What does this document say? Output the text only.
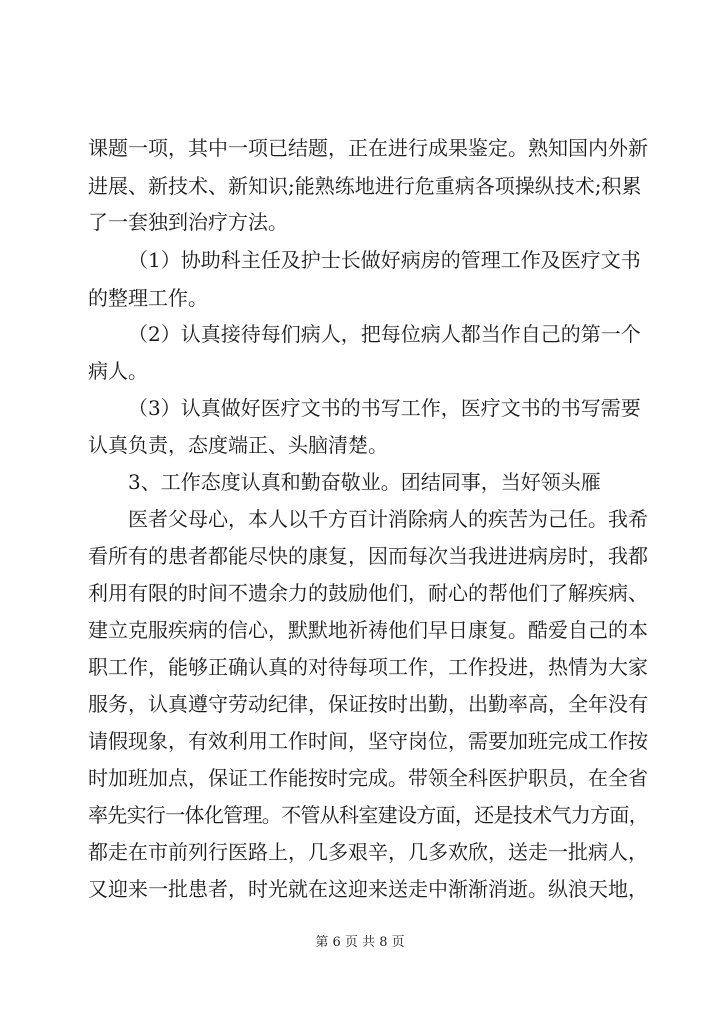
课题一项，其中一项已结题，正在进行成果鉴定。熟知国内外新
进展、新技术、新知识;能熟练地进行危重病各项操纵技术;积累
了一套独到治疗方法。
（1）协助科主任及护士长做好病房的管理工作及医疗文书
的整理工作。
（2）认真接待每们病人，把每位病人都当作自己的第一个
病人。
（3）认真做好医疗文书的书写工作，医疗文书的书写需要
认真负责，态度端正、头脑清楚。
3、工作态度认真和勤奋敬业。团结同事，当好领头雁
医者父母心，本人以千方百计消除病人的疾苦为己任。我希
看所有的患者都能尽快的康复，因而每次当我进进病房时，我都
利用有限的时间不遗余力的鼓励他们，耐心的帮他们了解疾病、
建立克服疾病的信心，默默地祈祷他们早日康复。酷爱自己的本
职工作，能够正确认真的对待每项工作，工作投进，热情为大家
服务，认真遵守劳动纪律，保证按时出勤，出勤率高，全年没有
请假现象，有效利用工作时间，坚守岗位，需要加班完成工作按
时加班加点，保证工作能按时完成。带领全科医护职员，在全省
率先实行一体化管理。不管从科室建设方面，还是技术气力方面，
都走在市前列行医路上，几多艰辛，几多欢欣，送走一批病人，
又迎来一批患者，时光就在这迎来送走中渐渐消逝。纵浪天地，
第 6 页 共 8 页
